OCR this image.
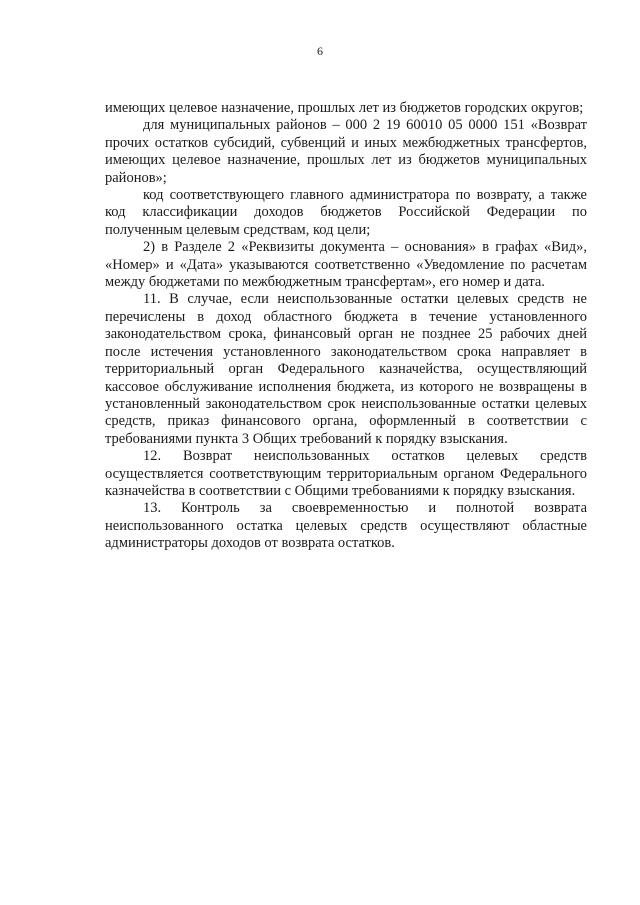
6

имеющих целевое назначение, прошлых лет из бюджетов городских округов;

для муниципальных районов – 000 2 19 60010 05 0000 151 «Возврат прочих остатков субсидий, субвенций и иных межбюджетных трансфертов, имеющих целевое назначение, прошлых лет из бюджетов муниципальных районов»;

код соответствующего главного администратора по возврату, а также код классификации доходов бюджетов Российской Федерации по полученным целевым средствам, код цели;

2) в Разделе 2 «Реквизиты документа – основания» в графах «Вид», «Номер» и «Дата» указываются соответственно «Уведомление по расчетам между бюджетами по межбюджетным трансфертам», его номер и дата.

11. В случае, если неиспользованные остатки целевых средств не перечислены в доход областного бюджета в течение установленного законодательством срока, финансовый орган не позднее 25 рабочих дней после истечения установленного законодательством срока направляет в территориальный орган Федерального казначейства, осуществляющий кассовое обслуживание исполнения бюджета, из которого не возвращены в установленный законодательством срок неиспользованные остатки целевых средств, приказ финансового органа, оформленный в соответствии с требованиями пункта 3 Общих требований к порядку взыскания.

12. Возврат неиспользованных остатков целевых средств осуществляется соответствующим территориальным органом Федерального казначейства в соответствии с Общими требованиями к порядку взыскания.

13. Контроль за своевременностью и полнотой возврата неиспользованного остатка целевых средств осуществляют областные администраторы доходов от возврата остатков.
